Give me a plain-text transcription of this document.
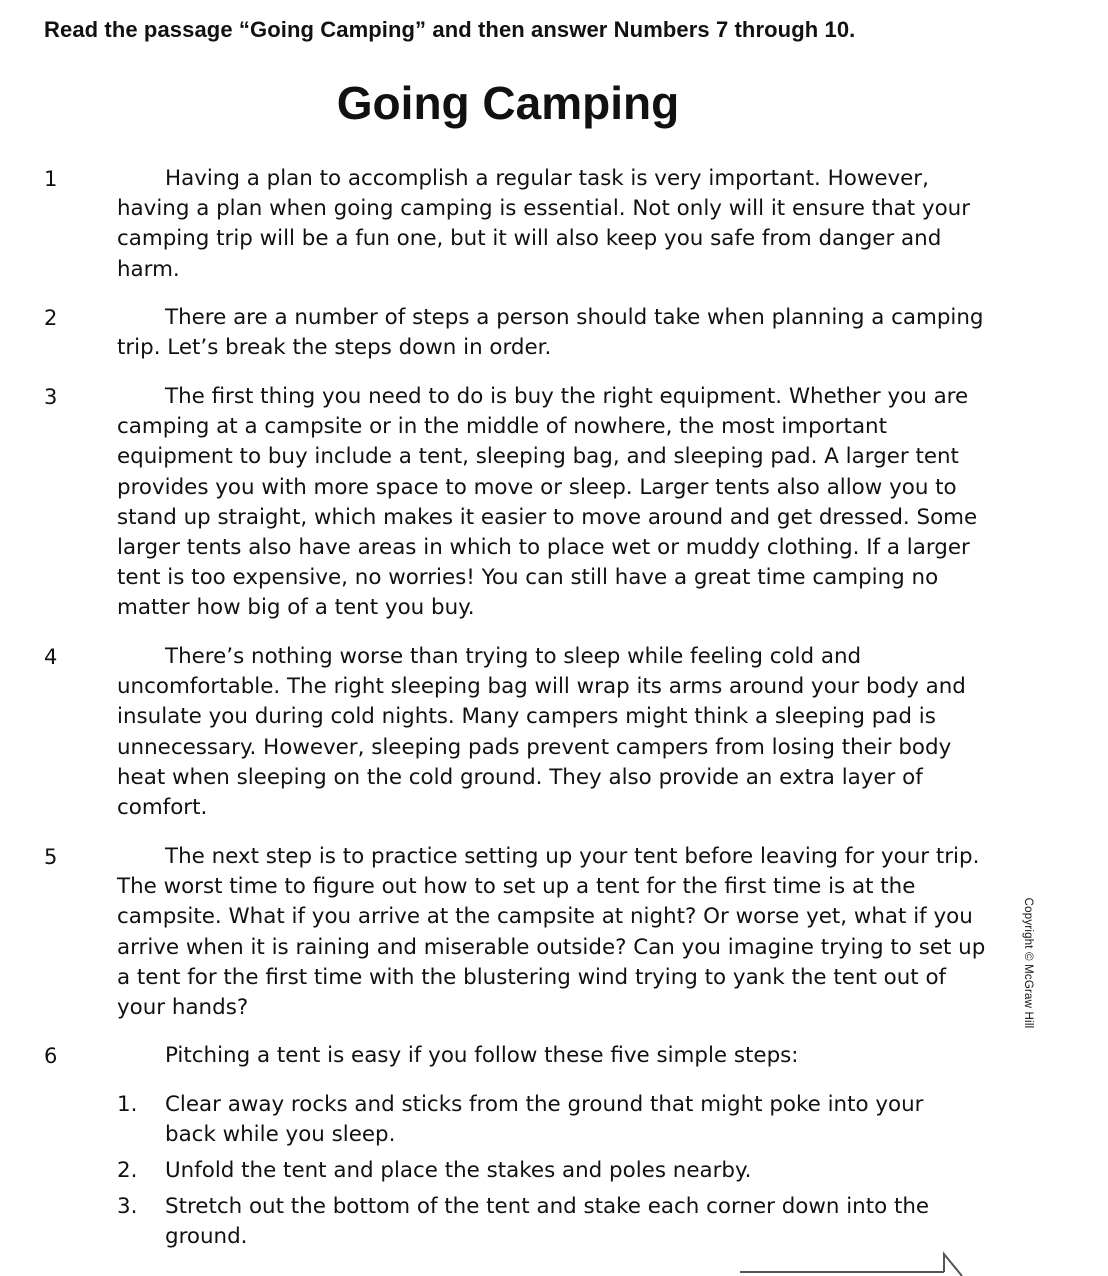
Read the passage “Going Camping” and then answer Numbers 7 through 10.
Going Camping
1	Having a plan to accomplish a regular task is very important. However, having a plan when going camping is essential. Not only will it ensure that your camping trip will be a fun one, but it will also keep you safe from danger and harm.

2	There are a number of steps a person should take when planning a camping trip. Let’s break the steps down in order.

3	The first thing you need to do is buy the right equipment. Whether you are camping at a campsite or in the middle of nowhere, the most important equipment to buy include a tent, sleeping bag, and sleeping pad. A larger tent provides you with more space to move or sleep. Larger tents also allow you to stand up straight, which makes it easier to move around and get dressed. Some larger tents also have areas in which to place wet or muddy clothing. If a larger tent is too expensive, no worries! You can still have a great time camping no matter how big of a tent you buy.

4	There’s nothing worse than trying to sleep while feeling cold and uncomfortable. The right sleeping bag will wrap its arms around your body and insulate you during cold nights. Many campers might think a sleeping pad is unnecessary. However, sleeping pads prevent campers from losing their body heat when sleeping on the cold ground. They also provide an extra layer of comfort.

5	The next step is to practice setting up your tent before leaving for your trip. The worst time to figure out how to set up a tent for the first time is at the campsite. What if you arrive at the campsite at night? Or worse yet, what if you arrive when it is raining and miserable outside? Can you imagine trying to set up a tent for the first time with the blustering wind trying to yank the tent out of your hands?

6	Pitching a tent is easy if you follow these five simple steps:

1. Clear away rocks and sticks from the ground that might poke into your back while you sleep.
2. Unfold the tent and place the stakes and poles nearby.
3. Stretch out the bottom of the tent and stake each corner down into the ground.
Copyright © McGraw Hill
